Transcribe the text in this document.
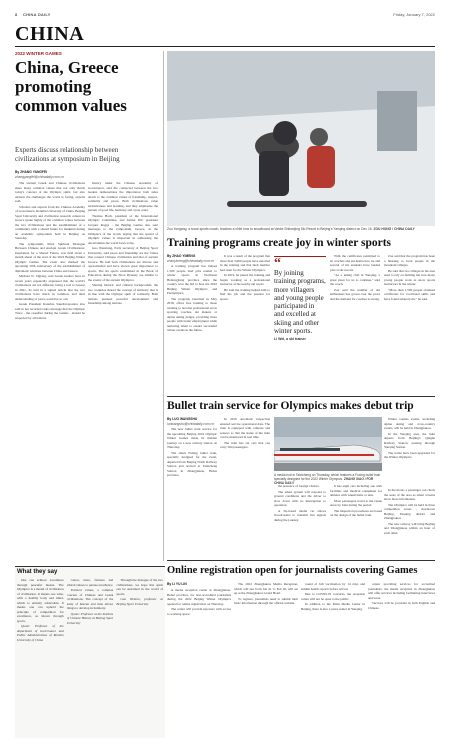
8 CHINA DAILY	Friday, January 7, 2022
CHINA
2022 WINTER GAMES
China, Greece promoting common values
Experts discuss relationship between civilizations at symposium in Beijing
By ZHANG YANGFEI
zhangyangfei@chinadaily.com.cn

The ancient Greek and Chinese civilizations share many common values that not only match today's concept of the Olympic spirit, but also address the challenges the world is facing, experts said.

Scholars and experts from the Chinese Academy of Governance, Renmin University of China, Beijing Sport University and civilization research centers in Greece spoke highly of the common values between the two civilizations and the establishment of a community with a shared future for mankind during an academic symposium held in Beijing on Saturday.

The symposium, titled Spiritual Dialogue Between Chinese and Ancient Greek Civilizations: Inspiration for a Shared Future, was held about a month ahead of the start of the 2022 Beijing Winter Olympic Games. The event also marked the upcoming 50th anniversary of the establishment of diplomatic relations between China and Greece.

Michael N. Zigiang, said Greek leaders have in recent years repeatedly expressed that the world's civilizations are not different, being a nod to Greece in 2021. Xi said in a signed article that the two civilizations have much in common, and their understanding of peace would be so old.

Greek President Katerina Sakellaropoulou also said in her recorded video message that the Olympic Truce - the ceasefire during the Games - should be respected by all nations.

history under the Chinese Academy of Governance, said the connected between the two leaders demonstrates the importance both sides attach to the common values of friendship, respect, solidarity and peace. Both civilizations value inclusiveness and learning, and they emphasize the pursuit of good life, harmony and a just order.

Thomas Bach, president of the International Olympic Committee, and former IOC president Jacques Rogge - the Beijing Games also sent messages to the symposium. Greece, as the birthplace of the world, urging that the spread of Olympic values is important in addressing the uncertainties the world faces today.

Guo Wenxiang, Party secretary of Beijing Sport University, said peace and friendship are the values that connect Chinese civilization and that of ancient Greece. He said both civilizations are diverse and open-minded and have shown great importance to sports. The six sports established in the Book of Education during the Zhou Dynasty are similar to the events of the ancient Olympics.

Sharing historic and cultural backgrounds, the two countries shared the concept of harmony that is in line with the Olympic spirit of solidarity. Both nations pursued peaceful development and friendship among nations.

What they say

One can achieve excellence through peaceful means. The Olympics is a model of civilization of civilization. It means one wins, with a healthy body and mind, which is entirely achievable. It means one can uphold the principle of competition for excellence, as shown through sports.

Quote: Professor of the department of Governance and Public Administration of Renmin University of China

cation, rules, fairness and ethical values to pursue excellence.

Political values, a common concern of Chinese and Greek civilizations. The concept of the unity of heaven and man allows things to develop in harmony.

Quote: Professor at the Institute of Chinese History at Beijing Sport University

Through the dialogue of the two civilizations, we hope this spirit can be sustained in the world of sports.

Guo Weimin, professor at Beijing Sport University

Zou Yongang, a snow sports coach, teaches a child how to snowboard at Vanke Shibanjing Ski Resort in Beijing's Yanqing district on Dec 16. ZOU HONG / CHINA DAILY
Training programs create joy in winter sports
By ZHAO YIMENG
zhaoyimeng@chinadaily.com.cn

A training program has helped 1,500 people land jobs related to winter sports in Northeast Heilongjiang province since the country won the bid to host the 2022 Beijing Winter Olympics and Paralympics.

The program, launched in May 2018, offers free training to those wishing to become professional snow sporting coaches, ski makers or alpine skiing judges, providing more people with better employment while nurturing talent to ensure successful winter events in the future.

It was a result of the program that more than 3,000 people have enrolled in the training and that their number had risen for the Winter Olympics.

In 2019, he joined the training and began working as a professional instructor at the nearby ski resort.

He said the training helped him to find his job and the passion for sports.

“
By joining training programs, more villagers and young people participated in and excelled at skiing and other winter sports.
Li Wei, a ski trainer

With the certificates permitted to be coaches and ski instructors, he and several of his students have landed jobs at ski resorts.

"As a skiing club in Yanqing, a great place for us to continue," said the coach.

Zou said the number of ski enthusiasts has grown over the years and the demand for coaches is strong.

Zou said that the program has been a blessing to local people in the mountain villages.

He said that two villages in his area used to rely on farming but now many young people work as snow sports instructors in the winter.

"More than 1,500 people obtained certificates for vocational skills and have found related jobs," he said.

Bullet train service for Olympics makes debut trip
By LUO WANGSHU
luowangshu@chinadaily.com.cn

The new bullet train service for the upcoming Beijing 2022 Olympic Winter Games made its maiden journey on a new railway station on Thursday.

The smart Fuxing bullet train, specially designed for the event, departed from Beijing North Railway Station and arrived at Taizicheng Station in Zhangjiakou, Hebei province.

In 2019 automatic inspection ensured service operational data. The train is equipped with cameras and sensors so that the status of the train can be monitored in real time.

The train has six cars that can carry 564 passengers.

A media hub in Taizicheng on Thursday, which features a Fuxing bullet train specially designed for the 2022 Winter Olympics. ZHANG XIAO / FOR CHINA DAILY

the presence of foreign visitors.

The smart system will respond to ground conditions and the driver to slow down with no interruption to operation.

A 5G-based media car allows broadcasters to transmit live signals during the journey.

It has eight cars including one with facilities and medical equipment for athletes with wheelchairs or skis.

More passengers travel to the venue areas by train during the period.

The inspection procedures are based on the design of the bullet train.

Winter Games events, including alpine skiing and cross-country events, will be held in Zhangjiakou.

In the Yanqing area, the train departs from Beijing's Qinghe Railway Station, passing through Yanqing Station.

The trains have been upgraded for the Winter Olympics.

In the mode, a passenger can check the seats of the area as smart screens show more information.

The Olympics will be held in three competition zones - downtown Beijing, Yanqing district and Zhangjiakou.

The new railway will bring Beijing and Zhangjiakou within an hour of each other.

Online registration open for journalists covering Games
By LI YU LIN

A media reception center at Zhangjiakou, Hebei province, for non-accredited journalists during the 2022 Beijing Winter Olympics opened for online registration on Thursday.

The center will provide reporters with access to working space.

The 2022 Zhangjiakou Media Reception, which will run from Jan 21 to Feb 20, will set up at the Zhangjiakou Grand Hotel.

To register, journalists need to submit their basic information through the official website.

round of full vaccination by 14 days and submit health reports before arrival.

Due to COVID-19 concerns, the reception center will not be open to the public.

In addition to the Main Media Center in Beijing, there is also a press center in Yanqing.

center providing services for accredited journalists, the media reception in Zhangjiakou will offer services including facilitating interviews and tours.

Services will be provided in both English and Chinese.
